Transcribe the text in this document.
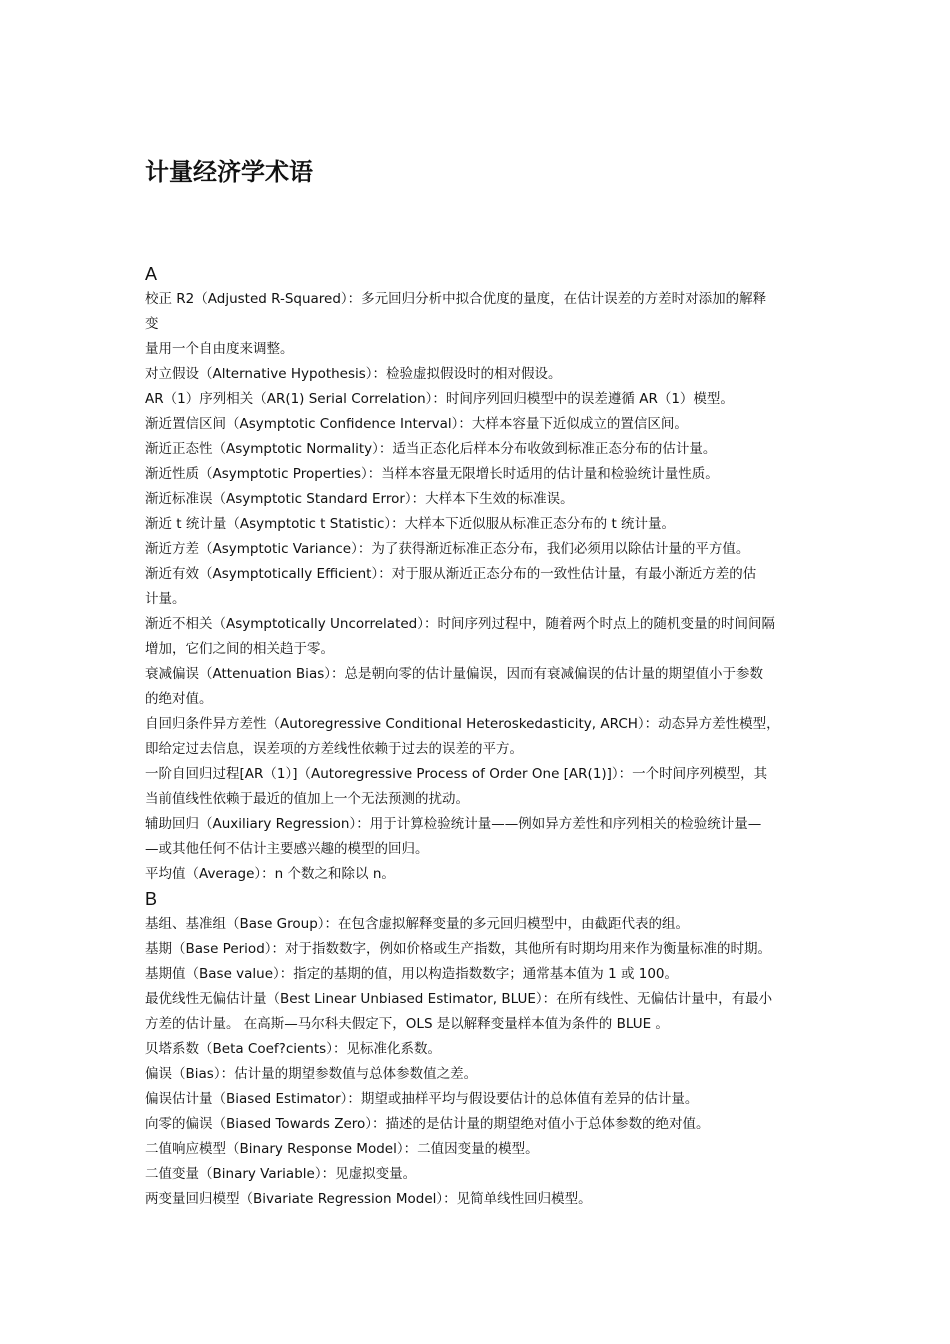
计量经济学术语
A
校正 R2（Adjusted R-Squared）：多元回归分析中拟合优度的量度，在估计误差的方差时对添加的解释
变
量用一个自由度来调整。
对立假设（Alternative Hypothesis）：检验虚拟假设时的相对假设。
AR（1）序列相关（AR(1) Serial Correlation）：时间序列回归模型中的误差遵循 AR（1）模型。
渐近置信区间（Asymptotic Confidence Interval）：大样本容量下近似成立的置信区间。
渐近正态性（Asymptotic Normality）：适当正态化后样本分布收敛到标准正态分布的估计量。
渐近性质（Asymptotic Properties）：当样本容量无限增长时适用的估计量和检验统计量性质。
渐近标准误（Asymptotic Standard Error）：大样本下生效的标准误。
渐近 t 统计量（Asymptotic t Statistic）：大样本下近似服从标准正态分布的 t 统计量。
渐近方差（Asymptotic Variance）：为了获得渐近标准正态分布，我们必须用以除估计量的平方值。
渐近有效（Asymptotically Efficient）：对于服从渐近正态分布的一致性估计量，有最小渐近方差的估
计量。
渐近不相关（Asymptotically Uncorrelated）：时间序列过程中，随着两个时点上的随机变量的时间间隔
增加，它们之间的相关趋于零。
衰减偏误（Attenuation Bias）：总是朝向零的估计量偏误，因而有衰减偏误的估计量的期望值小于参数
的绝对值。
自回归条件异方差性（Autoregressive Conditional Heteroskedasticity, ARCH）：动态异方差性模型，
即给定过去信息，误差项的方差线性依赖于过去的误差的平方。
一阶自回归过程[AR（1）]（Autoregressive Process of Order One [AR(1)]）：一个时间序列模型，其
当前值线性依赖于最近的值加上一个无法预测的扰动。
辅助回归（Auxiliary Regression）：用于计算检验统计量——例如异方差性和序列相关的检验统计量—
—或其他任何不估计主要感兴趣的模型的回归。
平均值（Average）：n 个数之和除以 n。
B
基组、基准组（Base Group）：在包含虚拟解释变量的多元回归模型中，由截距代表的组。
基期（Base Period）：对于指数数字，例如价格或生产指数，其他所有时期均用来作为衡量标准的时期。
基期值（Base value）：指定的基期的值，用以构造指数数字；通常基本值为 1 或 100。
最优线性无偏估计量（Best Linear Unbiased Estimator, BLUE）：在所有线性、无偏估计量中，有最小
方差的估计量。 在高斯—马尔科夫假定下，OLS 是以解释变量样本值为条件的 BLUE 。
贝塔系数（Beta Coef?cients）：见标准化系数。
偏误（Bias）：估计量的期望参数值与总体参数值之差。
偏误估计量（Biased Estimator）：期望或抽样平均与假设要估计的总体值有差异的估计量。
向零的偏误（Biased Towards Zero）：描述的是估计量的期望绝对值小于总体参数的绝对值。
二值响应模型（Binary Response Model）：二值因变量的模型。
二值变量（Binary Variable）：见虚拟变量。
两变量回归模型（Bivariate Regression Model）：见简单线性回归模型。
